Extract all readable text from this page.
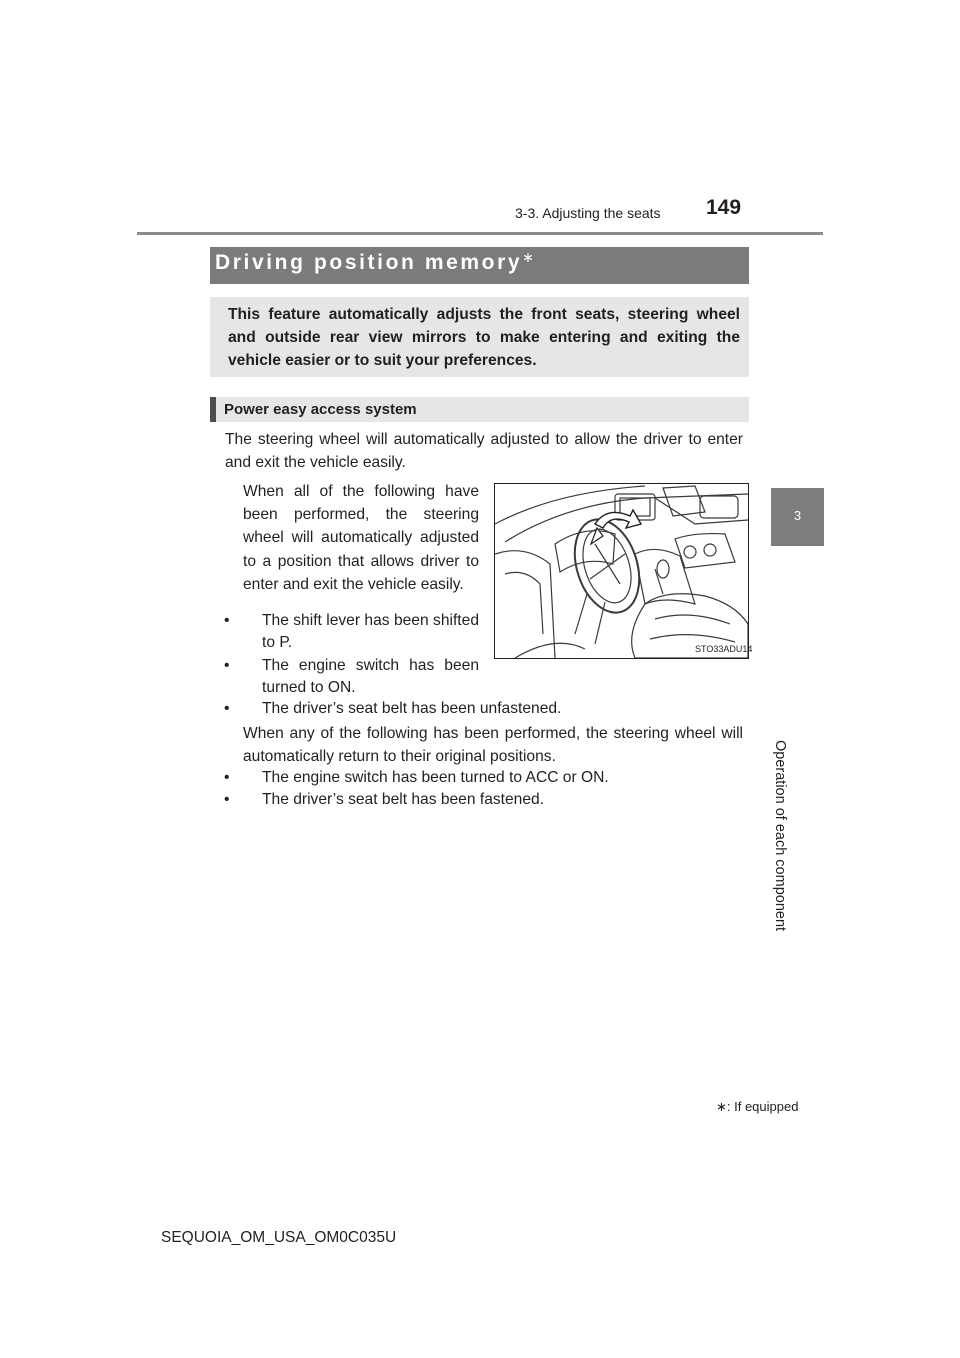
3-3. Adjusting the seats 149
3
Operation of each component
Driving position memory∗
This feature automatically adjusts the front seats, steering wheel and outside rear view mirrors to make entering and exiting the vehicle easier or to suit your preferences.
Power easy access system
The steering wheel will automatically adjusted to allow the driver to enter and exit the vehicle easily.
When all of the following have been performed, the steering wheel will automatically adjusted to a position that allows driver to enter and exit the vehicle easily.
• The shift lever has been shifted to P.
• The engine switch has been turned to ON.
• The driver’s seat belt has been unfastened.
When any of the following has been performed, the steering wheel will automatically return to their original positions.
• The engine switch has been turned to ACC or ON.
• The driver’s seat belt has been fastened.
STO33ADU14
∗: If equipped
SEQUOIA_OM_USA_OM0C035U
